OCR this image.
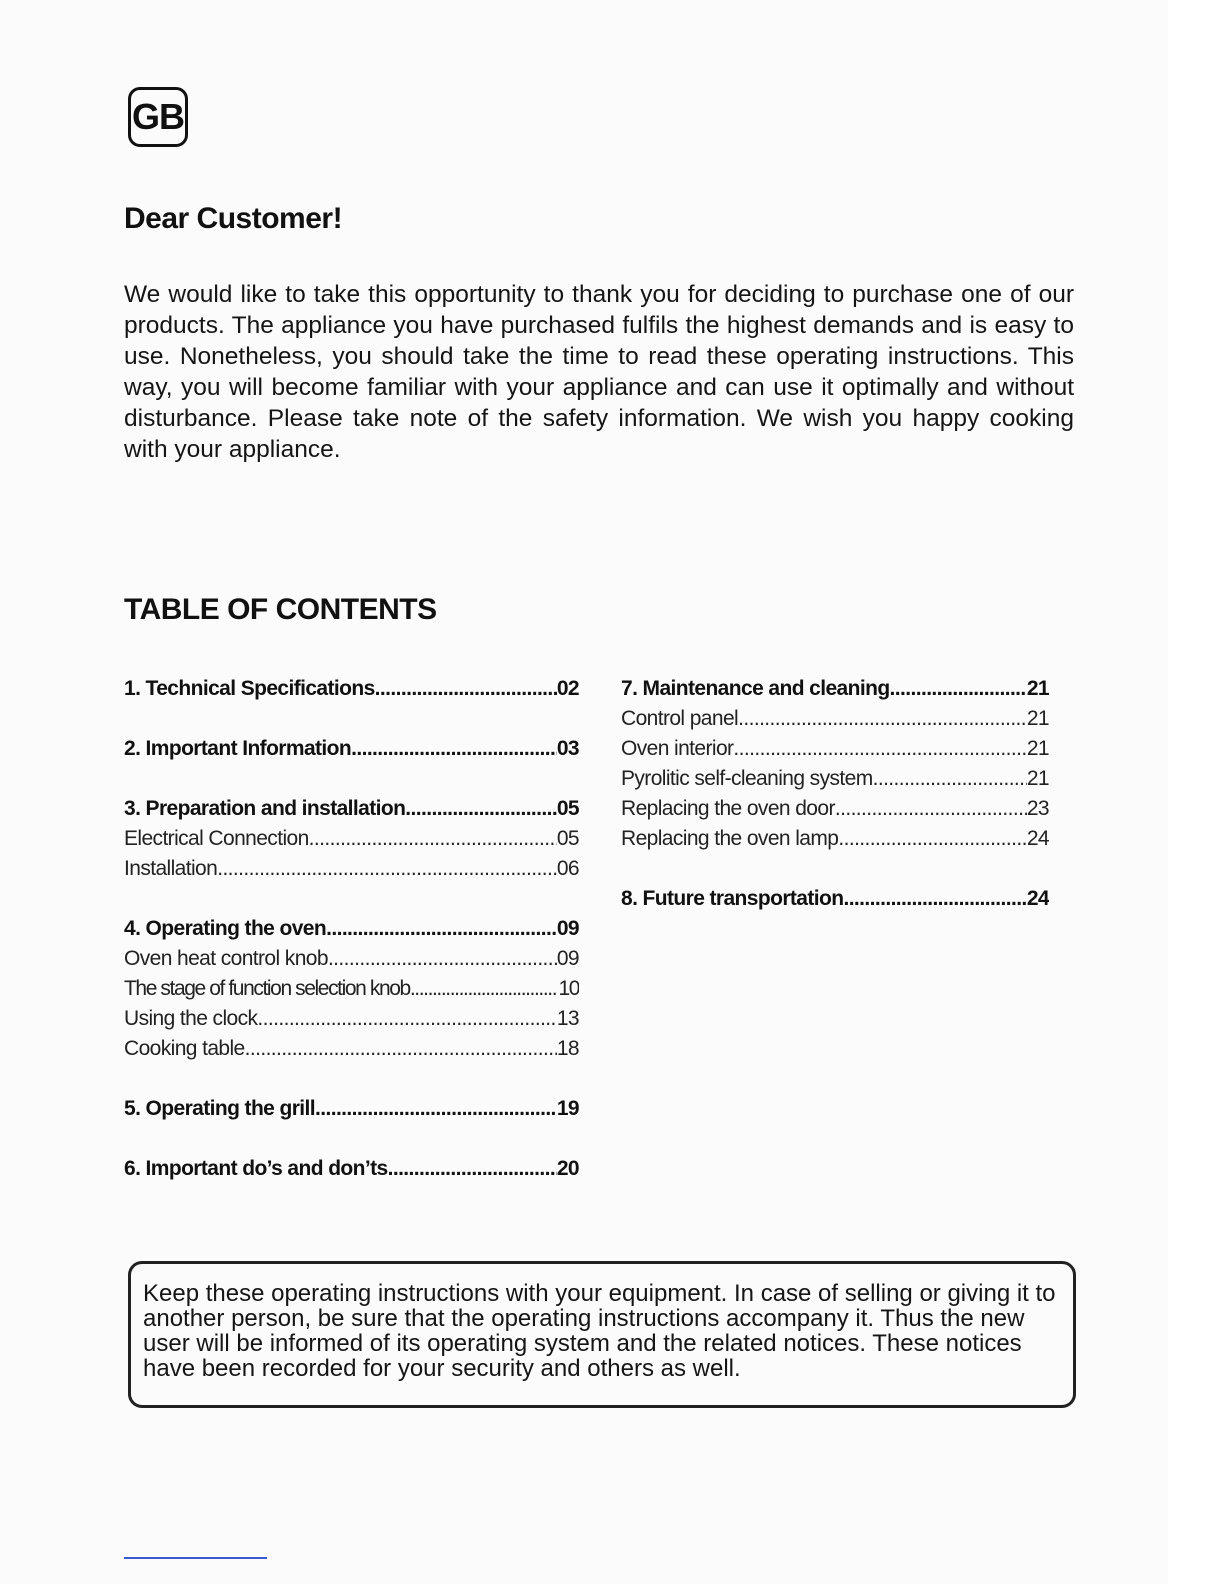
GB
Dear Customer!

We would like to take this opportunity to thank you for deciding to purchase one of our products. The appliance you have purchased fulfils the highest demands and is easy to use. Nonetheless, you should take the time to read these operating instructions. This way, you will become familiar with your appliance and can use it optimally and without disturbance. Please take note of the safety information. We wish you happy cooking with your appliance.

TABLE OF CONTENTS
1. Technical Specifications .....	02
2. Important Information .....	03
3. Preparation and installation .....	05
Electrical Connection .....	05
Installation .....	06
4. Operating the oven .....	09
Oven heat control knob .....	09
The stage of function selection knob .....	10
Using the clock .....	13
Cooking table .....	18
5. Operating the grill .....	19
6. Important do’s and don’ts .....	20
7. Maintenance and cleaning .....	21
Control panel .....	21
Oven interior .....	21
Pyrolitic self-cleaning system .....	21
Replacing the oven door .....	23
Replacing the oven lamp .....	24
8. Future transportation .....	24

Keep these operating instructions with your equipment. In case of selling or giving it to another person, be sure that the operating instructions accompany it. Thus the new user will be informed of its operating system and the related notices. These notices have been recorded for your security and others as well.
